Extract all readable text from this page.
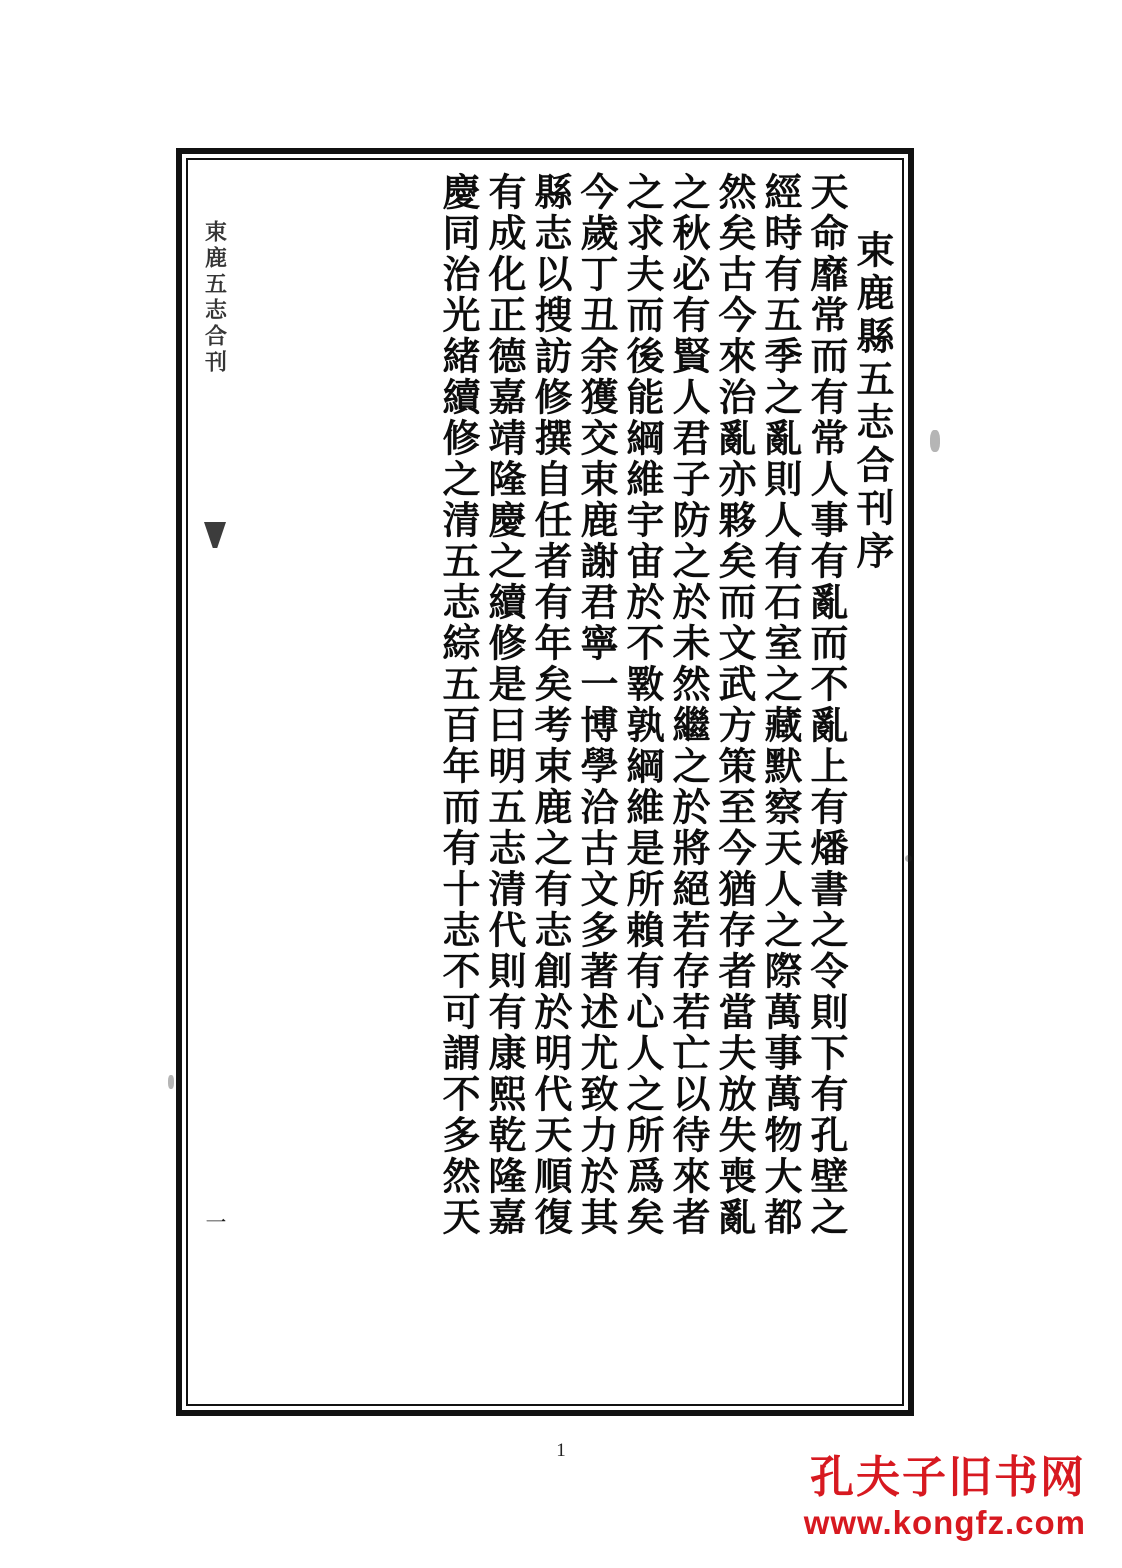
束鹿五志合刊
一
束鹿縣五志合刊序
天命靡常而有常人事有亂而不亂上有燔書之令則下有孔壁之
經時有五季之亂則人有石室之藏默察天人之際萬事萬物大都
然矣古今來治亂亦夥矣而文武方策至今猶存者當夫放失喪亂
之秋必有賢人君子防之於未然繼之於將絕若存若亡以待來者
之求夫而後能綱維宇宙於不斁孰綱維是所賴有心人之所爲矣
今歲丁丑余獲交束鹿謝君寧一博學洽古文多著述尤致力於其
縣志以搜訪修撰自任者有年矣考束鹿之有志創於明代天順復
有成化正德嘉靖隆慶之續修是曰明五志清代則有康熙乾隆嘉
慶同治光緒續修之清五志綜五百年而有十志不可謂不多然天
1
孔夫子旧书网
www.kongfz.com
